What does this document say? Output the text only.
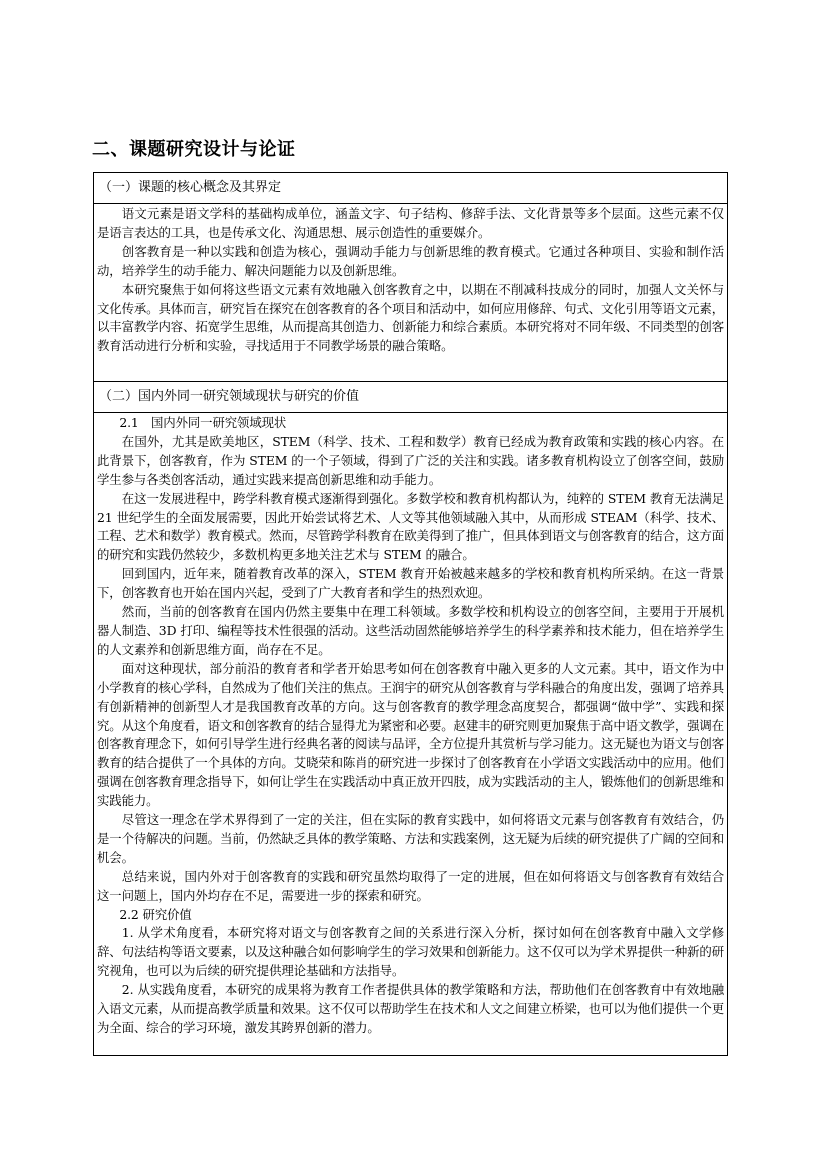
二、课题研究设计与论证
（一）课题的核心概念及其界定

语文元素是语文学科的基础构成单位，涵盖文字、句子结构、修辞手法、文化背景等多个层面。这些元素不仅是语言表达的工具，也是传承文化、沟通思想、展示创造性的重要媒介。

创客教育是一种以实践和创造为核心，强调动手能力与创新思维的教育模式。它通过各种项目、实验和制作活动，培养学生的动手能力、解决问题能力以及创新思维。

本研究聚焦于如何将这些语文元素有效地融入创客教育之中，以期在不削减科技成分的同时，加强人文关怀与文化传承。具体而言，研究旨在探究在创客教育的各个项目和活动中，如何应用修辞、句式、文化引用等语文元素，以丰富教学内容、拓宽学生思维，从而提高其创造力、创新能力和综合素质。本研究将对不同年级、不同类型的创客教育活动进行分析和实验，寻找适用于不同教学场景的融合策略。

（二）国内外同一研究领域现状与研究的价值

2.1　国内外同一研究领域现状

在国外，尤其是欧美地区，STEM（科学、技术、工程和数学）教育已经成为教育政策和实践的核心内容。在此背景下，创客教育，作为 STEM 的一个子领域，得到了广泛的关注和实践。诸多教育机构设立了创客空间，鼓励学生参与各类创客活动，通过实践来提高创新思维和动手能力。

在这一发展进程中，跨学科教育模式逐渐得到强化。多数学校和教育机构都认为，纯粹的 STEM 教育无法满足 21 世纪学生的全面发展需要，因此开始尝试将艺术、人文等其他领域融入其中，从而形成 STEAM（科学、技术、工程、艺术和数学）教育模式。然而，尽管跨学科教育在欧美得到了推广，但具体到语文与创客教育的结合，这方面的研究和实践仍然较少，多数机构更多地关注艺术与 STEM 的融合。

回到国内，近年来，随着教育改革的深入，STEM 教育开始被越来越多的学校和教育机构所采纳。在这一背景下，创客教育也开始在国内兴起，受到了广大教育者和学生的热烈欢迎。

然而，当前的创客教育在国内仍然主要集中在理工科领域。多数学校和机构设立的创客空间，主要用于开展机器人制造、3D 打印、编程等技术性很强的活动。这些活动固然能够培养学生的科学素养和技术能力，但在培养学生的人文素养和创新思维方面，尚存在不足。

面对这种现状，部分前沿的教育者和学者开始思考如何在创客教育中融入更多的人文元素。其中，语文作为中小学教育的核心学科，自然成为了他们关注的焦点。王润宇的研究从创客教育与学科融合的角度出发，强调了培养具有创新精神的创新型人才是我国教育改革的方向。这与创客教育的教学理念高度契合，都强调“做中学”、实践和探究。从这个角度看，语文和创客教育的结合显得尤为紧密和必要。赵建丰的研究则更加聚焦于高中语文教学，强调在创客教育理念下，如何引导学生进行经典名著的阅读与品评，全方位提升其赏析与学习能力。这无疑也为语文与创客教育的结合提供了一个具体的方向。艾晓荣和陈肖的研究进一步探讨了创客教育在小学语文实践活动中的应用。他们强调在创客教育理念指导下，如何让学生在实践活动中真正放开四肢，成为实践活动的主人，锻炼他们的创新思维和实践能力。

尽管这一理念在学术界得到了一定的关注，但在实际的教育实践中，如何将语文元素与创客教育有效结合，仍是一个待解决的问题。当前，仍然缺乏具体的教学策略、方法和实践案例，这无疑为后续的研究提供了广阔的空间和机会。

总结来说，国内外对于创客教育的实践和研究虽然均取得了一定的进展，但在如何将语文与创客教育有效结合这一问题上，国内外均存在不足，需要进一步的探索和研究。

2.2 研究价值

1. 从学术角度看，本研究将对语文与创客教育之间的关系进行深入分析，探讨如何在创客教育中融入文学修辞、句法结构等语文要素，以及这种融合如何影响学生的学习效果和创新能力。这不仅可以为学术界提供一种新的研究视角，也可以为后续的研究提供理论基础和方法指导。

2. 从实践角度看，本研究的成果将为教育工作者提供具体的教学策略和方法，帮助他们在创客教育中有效地融入语文元素，从而提高教学质量和效果。这不仅可以帮助学生在技术和人文之间建立桥梁，也可以为他们提供一个更为全面、综合的学习环境，激发其跨界创新的潜力。
